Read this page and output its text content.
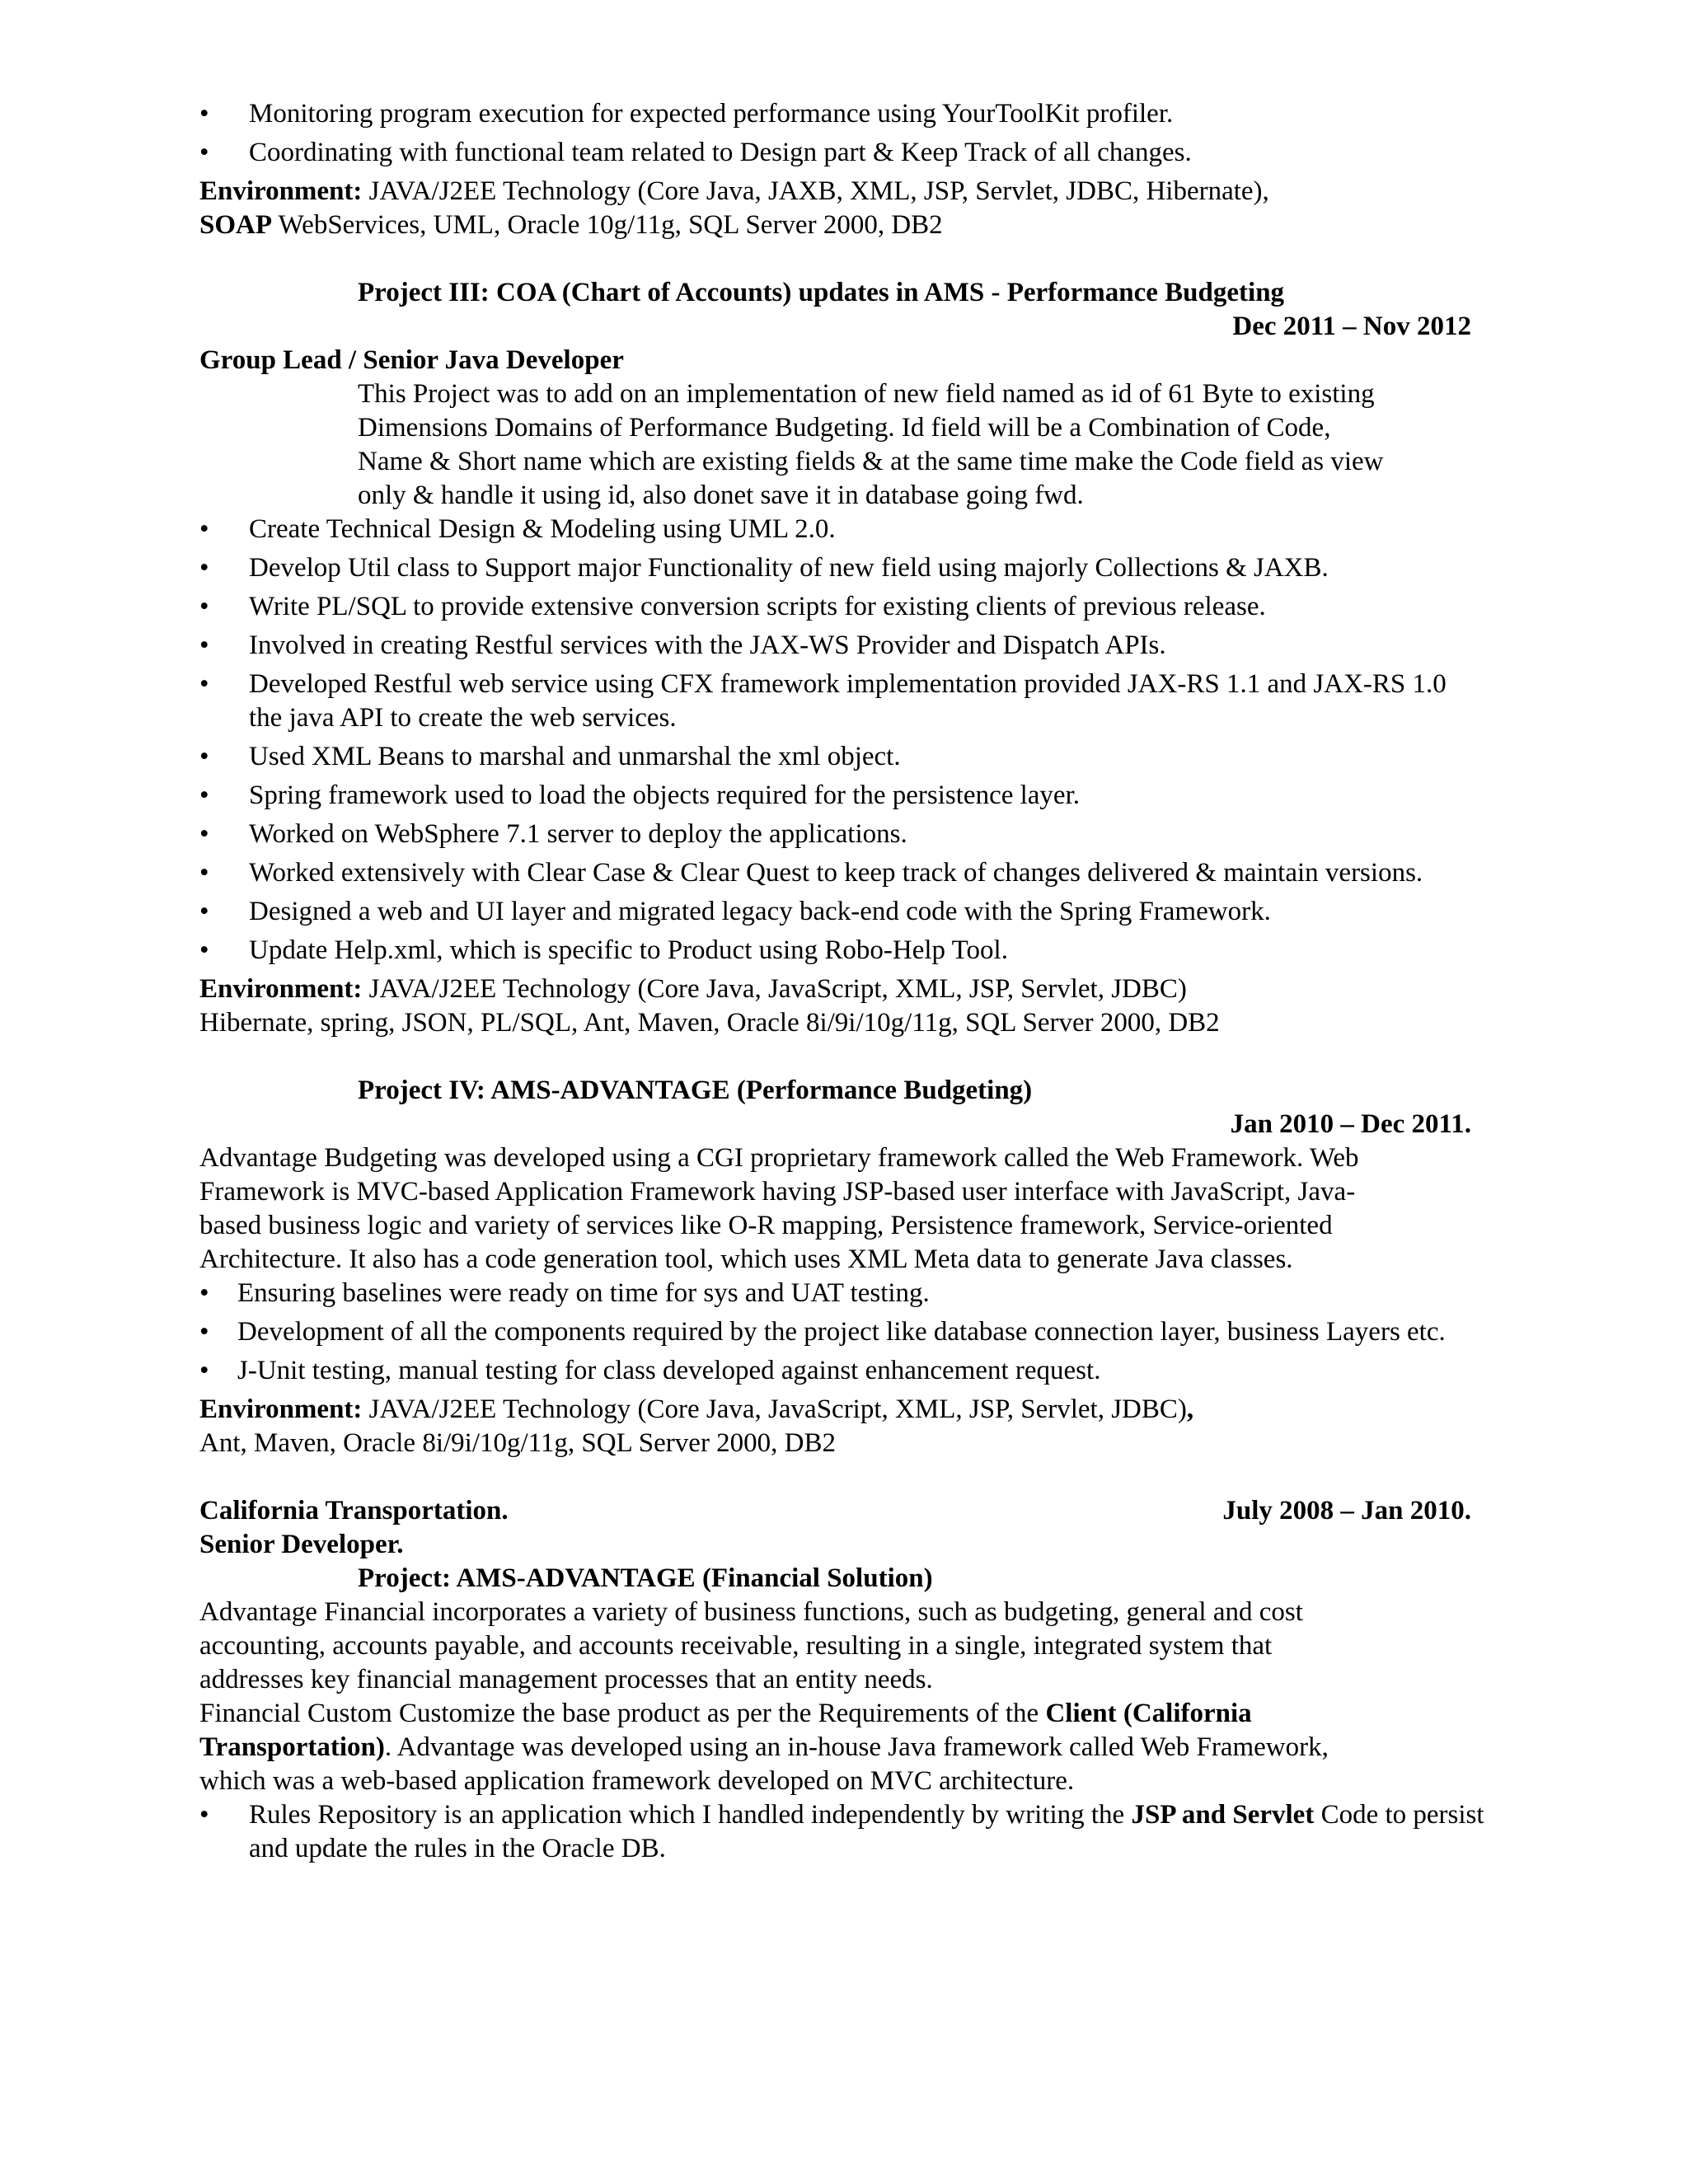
• Monitoring program execution for expected performance using YourToolKit profiler.
• Coordinating with functional team related to Design part & Keep Track of all changes.
Environment: JAVA/J2EE Technology (Core Java, JAXB, XML, JSP, Servlet, JDBC, Hibernate),
SOAP WebServices, UML, Oracle 10g/11g, SQL Server 2000, DB2
Project III: COA (Chart of Accounts) updates in AMS - Performance Budgeting
Dec 2011 – Nov 2012
Group Lead / Senior Java Developer
This Project was to add on an implementation of new field named as id of 61 Byte to existing
Dimensions Domains of Performance Budgeting. Id field will be a Combination of Code,
Name & Short name which are existing fields & at the same time make the Code field as view
only & handle it using id, also donet save it in database going fwd.
• Create Technical Design & Modeling using UML 2.0.
• Develop Util class to Support major Functionality of new field using majorly Collections & JAXB.
• Write PL/SQL to provide extensive conversion scripts for existing clients of previous release.
• Involved in creating Restful services with the JAX-WS Provider and Dispatch APIs.
• Developed Restful web service using CFX framework implementation provided JAX-RS 1.1 and JAX-RS 1.0 the java API to create the web services.
• Used XML Beans to marshal and unmarshal the xml object.
• Spring framework used to load the objects required for the persistence layer.
• Worked on WebSphere 7.1 server to deploy the applications.
• Worked extensively with Clear Case & Clear Quest to keep track of changes delivered & maintain versions.
• Designed a web and UI layer and migrated legacy back-end code with the Spring Framework.
• Update Help.xml, which is specific to Product using Robo-Help Tool.
Environment: JAVA/J2EE Technology (Core Java, JavaScript, XML, JSP, Servlet, JDBC)
Hibernate, spring, JSON, PL/SQL, Ant, Maven, Oracle 8i/9i/10g/11g, SQL Server 2000, DB2
Project IV: AMS-ADVANTAGE (Performance Budgeting)
Jan 2010 – Dec 2011.
Advantage Budgeting was developed using a CGI proprietary framework called the Web Framework. Web
Framework is MVC-based Application Framework having JSP-based user interface with JavaScript, Java-
based business logic and variety of services like O-R mapping, Persistence framework, Service-oriented
Architecture. It also has a code generation tool, which uses XML Meta data to generate Java classes.
• Ensuring baselines were ready on time for sys and UAT testing.
• Development of all the components required by the project like database connection layer, business Layers etc.
• J-Unit testing, manual testing for class developed against enhancement request.
Environment: JAVA/J2EE Technology (Core Java, JavaScript, XML, JSP, Servlet, JDBC),
Ant, Maven, Oracle 8i/9i/10g/11g, SQL Server 2000, DB2
California Transportation.	July 2008 – Jan 2010.
Senior Developer.
Project: AMS-ADVANTAGE (Financial Solution)
Advantage Financial incorporates a variety of business functions, such as budgeting, general and cost
accounting, accounts payable, and accounts receivable, resulting in a single, integrated system that
addresses key financial management processes that an entity needs.
Financial Custom Customize the base product as per the Requirements of the Client (California
Transportation). Advantage was developed using an in-house Java framework called Web Framework,
which was a web-based application framework developed on MVC architecture.
• Rules Repository is an application which I handled independently by writing the JSP and Servlet Code to persist and update the rules in the Oracle DB.
